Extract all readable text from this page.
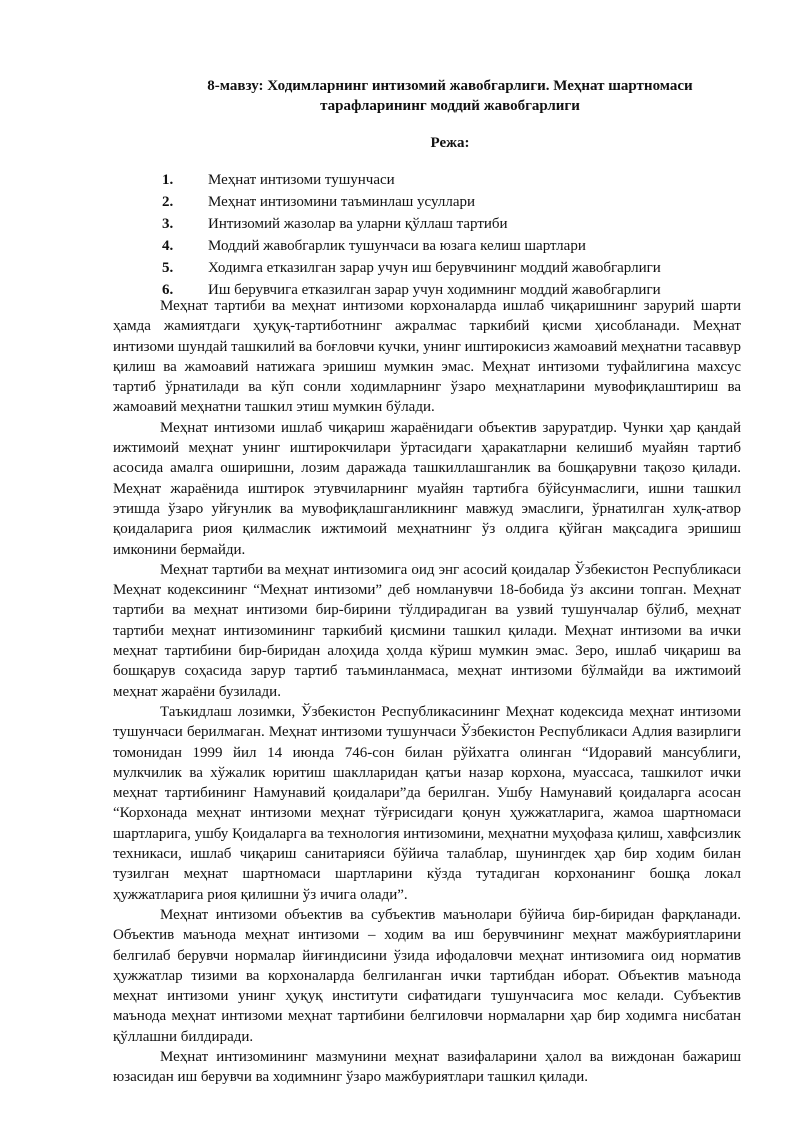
8-мавзу: Ходимларнинг интизомий жавобгарлиги. Меҳнат шартномаси
тарафларининг моддий жавобгарлиги
Режа:
1.	Меҳнат интизоми тушунчаси
2.	Меҳнат интизомини таъминлаш усуллари
3.	Интизомий жазолар ва уларни қўллаш тартиби
4.	Моддий жавобгарлик тушунчаси ва юзага келиш шартлари
5.	Ходимга етказилган зарар учун иш берувчининг моддий жавобгарлиги
6.	Иш берувчига етказилган зарар учун ходимнинг моддий жавобгарлиги

Меҳнат тартиби ва меҳнат интизоми корхоналарда ишлаб чиқаришнинг зарурий шарти ҳамда жамиятдаги ҳуқуқ-тартиботнинг ажралмас таркибий қисми ҳисобланади. Меҳнат интизоми шундай ташкилий ва боғловчи кучки, унинг иштирокисиз жамоавий меҳнатни тасаввур қилиш ва жамоавий натижага эришиш мумкин эмас. Меҳнат интизоми туфайлигина махсус тартиб ўрнатилади ва кўп сонли ходимларнинг ўзаро меҳнатларини мувофиқлаштириш ва жамоавий меҳнатни ташкил этиш мумкин бўлади.

Меҳнат интизоми ишлаб чиқариш жараёнидаги объектив заруратдир. Чунки ҳар қандай ижтимоий меҳнат унинг иштирокчилари ўртасидаги ҳаракатларни келишиб муайян тартиб асосида амалга оширишни, лозим даражада ташкиллашганлик ва бошқарувни тақозо қилади. Меҳнат жараёнида иштирок этувчиларнинг муайян тартибга бўйсунмаслиги, ишни ташкил этишда ўзаро уйғунлик ва мувофиқлашганликнинг мавжуд эмаслиги, ўрнатилган хулқ-атвор қоидаларига риоя қилмаслик ижтимоий меҳнатнинг ўз олдига қўйган мақсадига эришиш имконини бермайди.

Меҳнат тартиби ва меҳнат интизомига оид энг асосий қоидалар Ўзбекистон Республикаси Меҳнат кодексининг “Меҳнат интизоми” деб номланувчи 18-бобида ўз аксини топган. Меҳнат тартиби ва меҳнат интизоми бир-бирини тўлдирадиган ва узвий тушунчалар бўлиб, меҳнат тартиби меҳнат интизомининг таркибий қисмини ташкил қилади. Меҳнат интизоми ва ички меҳнат тартибини бир-биридан алоҳида ҳолда кўриш мумкин эмас. Зеро, ишлаб чиқариш ва бошқарув соҳасида зарур тартиб таъминланмаса, меҳнат интизоми бўлмайди ва ижтимоий меҳнат жараёни бузилади.

Таъкидлаш лозимки, Ўзбекистон Республикасининг Меҳнат кодексида меҳнат интизоми тушунчаси берилмаган. Меҳнат интизоми тушунчаси Ўзбекистон Республикаси Адлия вазирлиги томонидан 1999 йил 14 июнда 746-сон билан рўйхатга олинган “Идоравий мансублиги, мулкчилик ва хўжалик юритиш шаклларидан қатъи назар корхона, муассаса, ташкилот ички меҳнат тартибининг Намунавий қоидалари”да берилган. Ушбу Намунавий қоидаларга асосан “Корхонада меҳнат интизоми меҳнат тўғрисидаги қонун ҳужжатларига, жамоа шартномаси шартларига, ушбу Қоидаларга ва технология интизомини, меҳнатни муҳофаза қилиш, хавфсизлик техникаси, ишлаб чиқариш санитарияси бўйича талаблар, шунингдек ҳар бир ходим билан тузилган меҳнат шартномаси шартларини кўзда тутадиган корхонанинг бошқа локал ҳужжатларига риоя қилишни ўз ичига олади”.

Меҳнат интизоми объектив ва субъектив маънолари бўйича бир-биридан фарқланади. Объектив маънода меҳнат интизоми – ходим ва иш берувчининг меҳнат мажбуриятларини белгилаб берувчи нормалар йиғиндисини ўзида ифодаловчи меҳнат интизомига оид норматив ҳужжатлар тизими ва корхоналарда белгиланган ички тартибдан иборат. Объектив маънода меҳнат интизоми унинг ҳуқуқ институти сифатидаги тушунчасига мос келади. Субъектив маънода меҳнат интизоми меҳнат тартибини белгиловчи нормаларни ҳар бир ходимга нисбатан қўллашни билдиради.

Меҳнат интизомининг мазмунини меҳнат вазифаларини ҳалол ва виждонан бажариш юзасидан иш берувчи ва ходимнинг ўзаро мажбуриятлари ташкил қилади.
